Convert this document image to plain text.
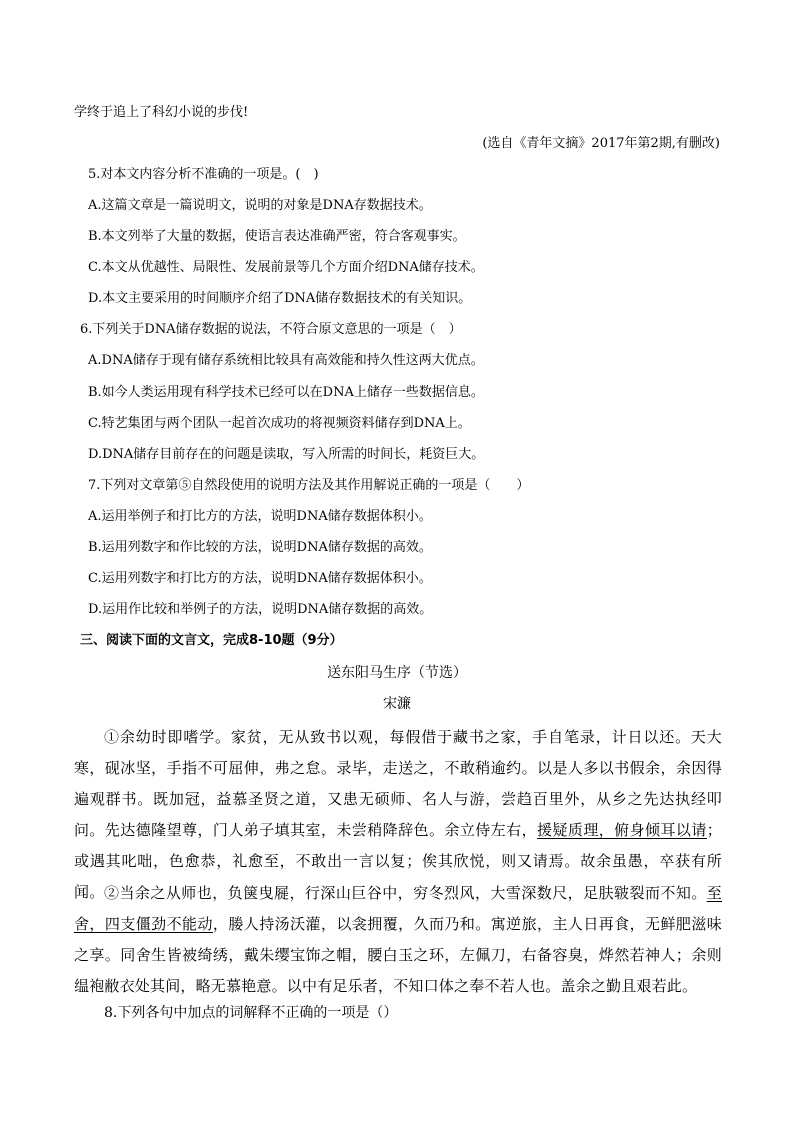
学终于追上了科幻小说的步伐!
(选自《青年文摘》2017年第2期,有删改)
5.对本文内容分析不准确的一项是。(　)
A.这篇文章是一篇说明文，说明的对象是DNA存数据技术。
B.本文列举了大量的数据，使语言表达准确严密，符合客观事实。
C.本文从优越性、局限性、发展前景等几个方面介绍DNA储存技术。
D.本文主要采用的时间顺序介绍了DNA储存数据技术的有关知识。
6.下列关于DNA储存数据的说法，不符合原文意思的一项是（　）
A.DNA储存于现有储存系统相比较具有高效能和持久性这两大优点。
B.如今人类运用现有科学技术已经可以在DNA上储存一些数据信息。
C.特艺集团与两个团队一起首次成功的将视频资料储存到DNA上。
D.DNA储存目前存在的问题是读取，写入所需的时间长，耗资巨大。
7.下列对文章第⑤自然段使用的说明方法及其作用解说正确的一项是（　　）
A.运用举例子和打比方的方法，说明DNA储存数据体积小。
B.运用列数字和作比较的方法，说明DNA储存数据的高效。
C.运用列数字和打比方的方法，说明DNA储存数据体积小。
D.运用作比较和举例子的方法，说明DNA储存数据的高效。
三、阅读下面的文言文，完成8-10题（9分）
送东阳马生序（节选）
宋濂
①余幼时即嗜学。家贫，无从致书以观，每假借于藏书之家，手自笔录，计日以还。天大寒，砚冰坚，手指不可屈伸，弗之怠。录毕，走送之，不敢稍逾约。以是人多以书假余，余因得遍观群书。既加冠，益慕圣贤之道，又患无硕师、名人与游，尝趋百里外，从乡之先达执经叩问。先达德隆望尊，门人弟子填其室，未尝稍降辞色。余立侍左右，援疑质理，俯身倾耳以请；或遇其叱咄，色愈恭，礼愈至，不敢出一言以复；俟其欣悦，则又请焉。故余虽愚，卒获有所闻。 ②当余之从师也，负箧曳屣，行深山巨谷中，穷冬烈风，大雪深数尺，足肤皲裂而不知。至舍，四支僵劲不能动，媵人持汤沃灌，以衾拥覆，久而乃和。寓逆旅，主人日再食，无鲜肥滋味之享。同舍生皆被绮绣，戴朱缨宝饰之帽，腰白玉之环，左佩刀，右备容臭，烨然若神人；余则缊袍敝衣处其间，略无慕艳意。以中有足乐者，不知口体之奉不若人也。盖余之勤且艰若此。
8.下列各句中加点的词解释不正确的一项是（）
